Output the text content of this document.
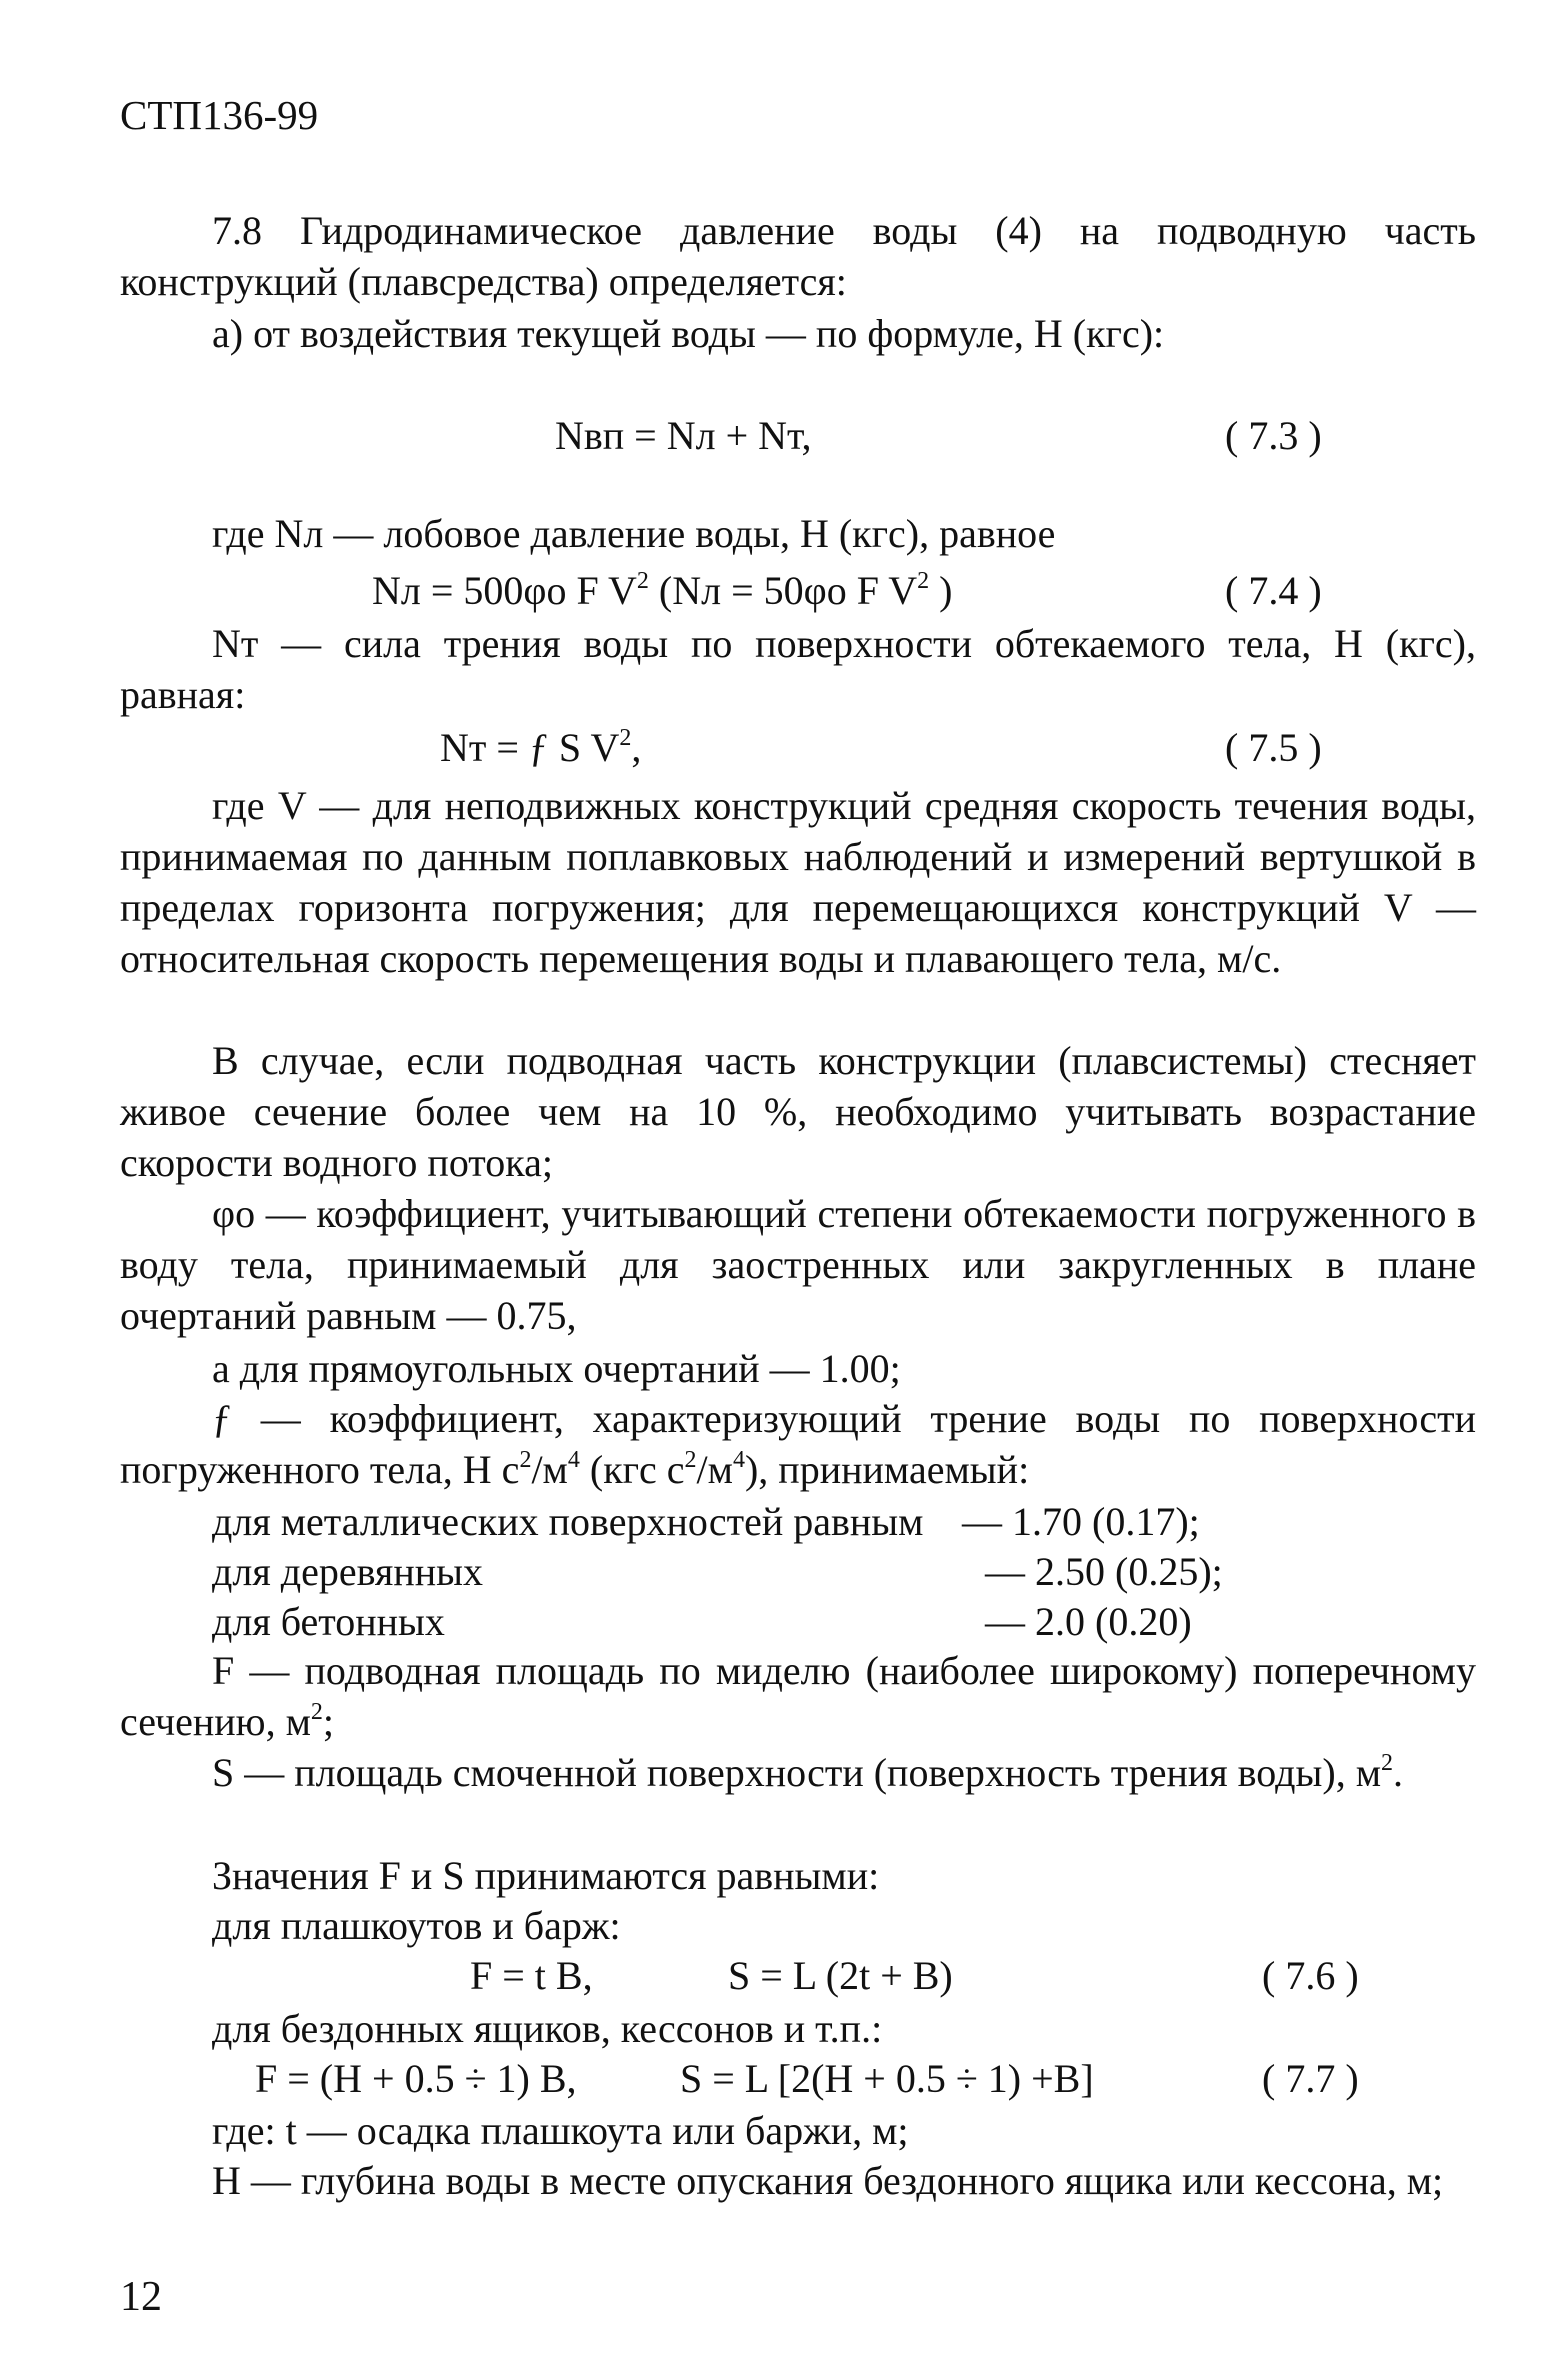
СТП136-99

7.8 Гидродинамическое давление воды (4) на подводную часть конструкций (плавсредства) определяется:

а) от воздействия текущей воды — по формуле, Н (кгс):
Nвп = Nл + Nт,	( 7.3 )
где Nл — лобовое давление воды, Н (кгс), равное
Nл = 500φо F $V^2$ (Nл = 50φо F $V^2$ )	( 7.4 )

Nт — сила трения воды по поверхности обтекаемого тела, Н (кгс), равная:

Nт = ƒ S $V^2$,	( 7.5 )

где V — для неподвижных конструкций средняя скорость течения воды, принимаемая по данным поплавковых наблюдений и измерений вертушкой в пределах горизонта погружения; для перемещающихся конструкций V — относительная скорость перемещения воды и плавающего тела, м/с.

В случае, если подводная часть конструкции (плавсистемы) стесняет живое сечение более чем на 10 %, необходимо учитывать возрастание скорости водного потока;

φо — коэффициент, учитывающий степени обтекаемости погруженного в воду тела, принимаемый для заостренных или закругленных в плане очертаний равным — 0.75,

а для прямоугольных очертаний — 1.00;

ƒ — коэффициент, характеризующий трение воды по поверхности погруженного тела, Н $с^2/м^4$ (кгс $с^2/м^4$), принимаемый:

для металлических поверхностей равным — 1.70 (0.17);
для деревянных	— 2.50 (0.25);
для бетонных	— 2.0 (0.20)

F — подводная площадь по миделю (наиболее широкому) поперечному сечению, $м^2$;

S — площадь смоченной поверхности (поверхность трения воды), $м^2$.

Значения F и S принимаются равными:
для плашкоутов и барж:
F = t B,	S = L (2t + B)	( 7.6 )
для бездонных ящиков, кессонов и т.п.:
F = (H + 0.5 ÷ 1) B,	S = L [2(H + 0.5 ÷ 1) +B]	( 7.7 )
где: t — осадка плашкоута или баржи, м;

H — глубина воды в месте опускания бездонного ящика или кессона, м;

12
